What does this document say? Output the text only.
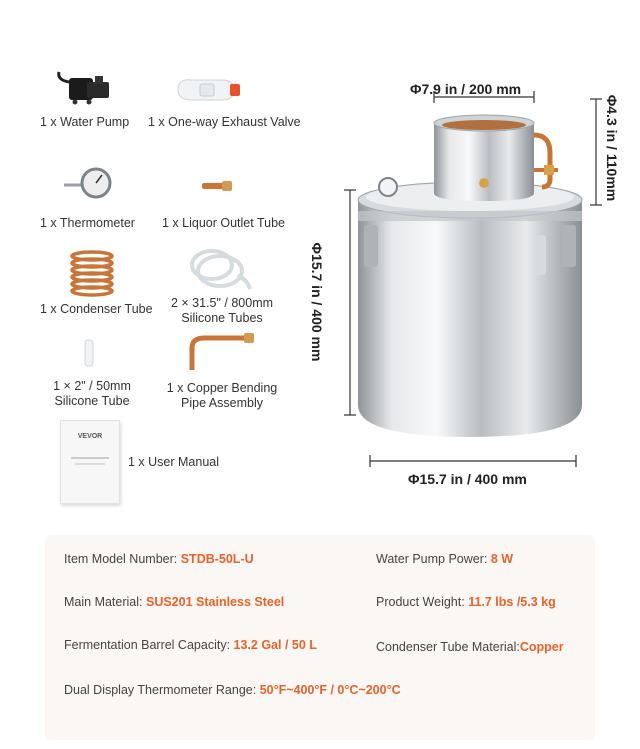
VEVOR
1 x Water Pump 1 x One-way Exhaust Valve
1 x Thermometer 1 x Liquor Outlet Tube
1 x Condenser Tube	2 × 31.5" / 800mm
Silicone Tubes
1 × 2" / 50mm
Silicone Tube
1 x Copper Bending
Pipe Assembly
1 x User Manual
Φ7.9 in / 200 mm
Φ4.3 in / 110mm
Φ15.7 in / 400 mm
Φ15.7 in / 400 mm
Item Model Number: STDB-50L-U	Water Pump Power: 8 W
Main Material: SUS201 Stainless Steel	Product Weight: 11.7 lbs /5.3 kg
Fermentation Barrel Capacity: 13.2 Gal / 50 L	Condenser Tube Material:Copper
Dual Display Thermometer Range: 50°F~400°F / 0°C~200°C
